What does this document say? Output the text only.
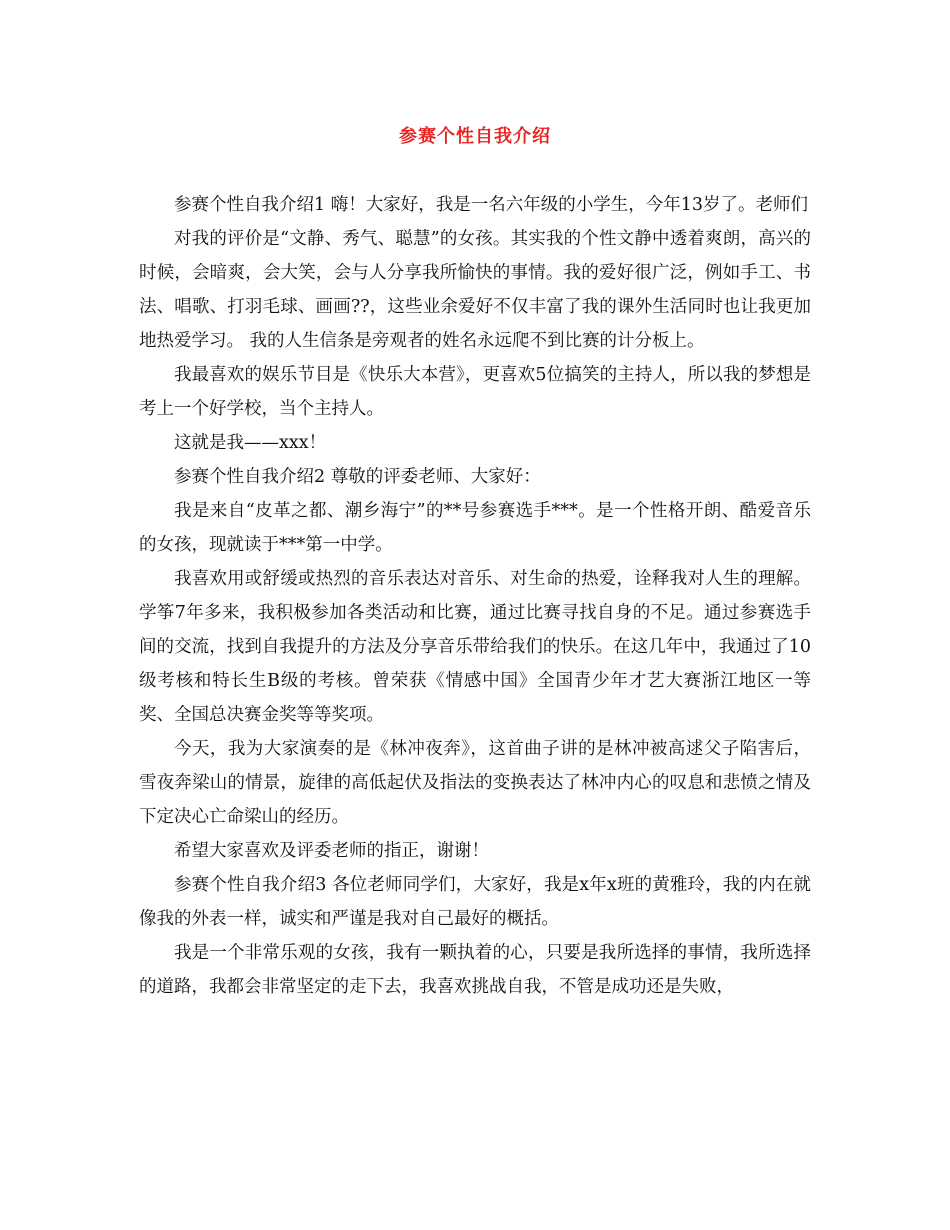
参赛个性自我介绍

参赛个性自我介绍1 嗨！大家好，我是一名六年级的小学生，今年13岁了。老师们

对我的评价是“文静、秀气、聪慧”的女孩。其实我的个性文静中透着爽朗，高兴的时候，会暗爽，会大笑，会与人分享我所愉快的事情。我的爱好很广泛，例如手工、书法、唱歌、打羽毛球、画画??，这些业余爱好不仅丰富了我的课外生活同时也让我更加地热爱学习。 我的人生信条是旁观者的姓名永远爬不到比赛的计分板上。

我最喜欢的娱乐节目是《快乐大本营》，更喜欢5位搞笑的主持人，所以我的梦想是考上一个好学校，当个主持人。

这就是我——xxx！

参赛个性自我介绍2 尊敬的评委老师、大家好：

我是来自“皮革之都、潮乡海宁”的**号参赛选手***。是一个性格开朗、酷爱音乐的女孩，现就读于***第一中学。

我喜欢用或舒缓或热烈的音乐表达对音乐、对生命的热爱，诠释我对人生的理解。学筝7年多来，我积极参加各类活动和比赛，通过比赛寻找自身的不足。通过参赛选手间的交流，找到自我提升的方法及分享音乐带给我们的快乐。在这几年中，我通过了10级考核和特长生B级的考核。曾荣获《情感中国》全国青少年才艺大赛浙江地区一等奖、全国总决赛金奖等等奖项。

今天，我为大家演奏的是《林冲夜奔》，这首曲子讲的是林冲被高逑父子陷害后，雪夜奔梁山的情景，旋律的高低起伏及指法的变换表达了林冲内心的叹息和悲愤之情及下定决心亡命梁山的经历。

希望大家喜欢及评委老师的指正，谢谢！

参赛个性自我介绍3 各位老师同学们，大家好，我是x年x班的黄雅玲，我的内在就像我的外表一样，诚实和严谨是我对自己最好的概括。

我是一个非常乐观的女孩，我有一颗执着的心，只要是我所选择的事情，我所选择的道路，我都会非常坚定的走下去，我喜欢挑战自我，不管是成功还是失败，
